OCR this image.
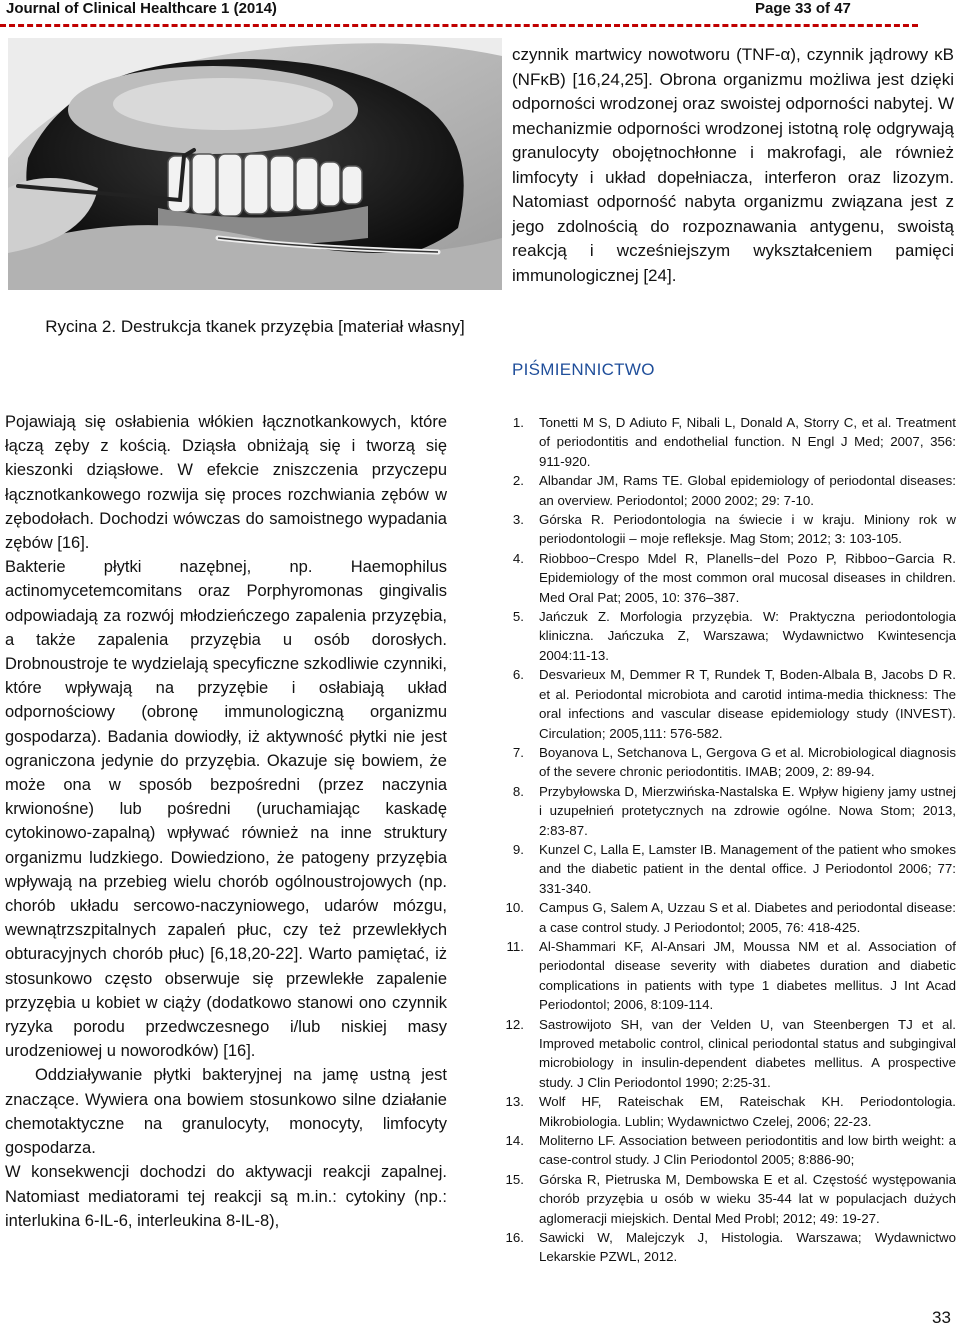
Journal of Clinical Healthcare 1 (2014)	Page 33 of 47
Rycina 2. Destrukcja tkanek przyzębia [materiał własny]

czynnik martwicy nowotworu (TNF-α), czynnik jądrowy κB (NFκB) [16,24,25]. Obrona organizmu możliwa jest dzięki odporności wrodzonej oraz swoistej odporności nabytej. W mechanizmie odporności wrodzonej istotną rolę odgrywają granulocyty obojętnochłonne i makrofagi, ale również limfocyty i układ dopełniacza, interferon oraz lizozym. Natomiast odporność nabyta organizmu związana jest z jego zdolnością do rozpoznawania antygenu, swoistą reakcją i wcześniejszym wykształceniem pamięci immunologicznej [24].

PIŚMIENNICTWO

Pojawiają się osłabienia włókien łącznotkankowych, które łączą zęby z kością. Dziąsła obniżają się i tworzą się kieszonki dziąsłowe. W efekcie zniszczenia przyczepu łącznotkankowego rozwija się proces rozchwiania zębów w zębodołach. Dochodzi wówczas do samoistnego wypadania zębów [16].

Bakterie płytki nazębnej, np. Haemophilus actinomycetemcomitans oraz Porphyromonas gingivalis odpowiadają za rozwój młodzieńczego zapalenia przyzębia, a także zapalenia przyzębia u osób dorosłych. Drobnoustroje te wydzielają specyficzne szkodliwie czynniki, które wpływają na przyzębie i osłabiają układ odpornościowy (obronę immunologiczną organizmu gospodarza). Badania dowiodły, iż aktywność płytki nie jest ograniczona jedynie do przyzębia. Okazuje się bowiem, że może ona w sposób bezpośredni (przez naczynia krwionośne) lub pośredni (uruchamiając kaskadę cytokinowo-zapalną) wpływać również na inne struktury organizmu ludzkiego. Dowiedziono, że patogeny przyzębia wpływają na przebieg wielu chorób ogólnoustrojowych (np. chorób układu sercowo-naczyniowego, udarów mózgu, wewnątrzszpitalnych zapaleń płuc, czy też przewlekłych obturacyjnych chorób płuc) [6,18,20-22]. Warto pamiętać, iż stosunkowo często obserwuje się przewlekłe zapalenie przyzębia u kobiet w ciąży (dodatkowo stanowi ono czynnik ryzyka porodu przedwczesnego i/lub niskiej masy urodzeniowej u noworodków) [16].

Oddziaływanie płytki bakteryjnej na jamę ustną jest znaczące. Wywiera ona bowiem stosunkowo silne działanie chemotaktyczne na granulocyty, monocyty, limfocyty gospodarza.

W konsekwencji dochodzi do aktywacji reakcji zapalnej. Natomiast mediatorami tej reakcji są m.in.: cytokiny (np.: interlukina 6-IL-6, interleukina 8-IL-8),

1. Tonetti M S, D Adiuto F, Nibali L, Donald A, Storry C, et al. Treatment of periodontitis and endothelial function. N Engl J Med; 2007, 356: 911-920.
2. Albandar JM, Rams TE. Global epidemiology of periodontal diseases: an overview. Periodontol; 2000 2002; 29: 7-10.
3. Górska R. Periodontologia na świecie i w kraju. Miniony rok w periodontologii – moje refleksje. Mag Stom; 2012; 3: 103-105.
4. Riobboo−Crespo Mdel R, Planells−del Pozo P, Ribboo−Garcia R. Epidemiology of the most common oral mucosal diseases in children. Med Oral Pat; 2005, 10: 376–387.
5. Jańczuk Z. Morfologia przyzębia. W: Praktyczna periodontologia kliniczna. Jańczuka Z, Warszawa; Wydawnictwo Kwintesencja 2004:11-13.
6. Desvarieux M, Demmer R T, Rundek T, Boden-Albala B, Jacobs D R. et al. Periodontal microbiota and carotid intima-media thickness: The oral infections and vascular disease epidemiology study (INVEST). Circulation; 2005,111: 576-582.
7. Boyanova L, Setchanova L, Gergova G et al. Microbiological diagnosis of the severe chronic periodontitis. IMAB; 2009, 2: 89-94.
8. Przybyłowska D, Mierzwińska-Nastalska E. Wpływ higieny jamy ustnej i uzupełnień protetycznych na zdrowie ogólne. Nowa Stom; 2013, 2:83-87.
9. Kunzel C, Lalla E, Lamster IB. Management of the patient who smokes and the diabetic patient in the dental office. J Periodontol 2006; 77: 331-340.
10. Campus G, Salem A, Uzzau S et al. Diabetes and periodontal disease: a case control study. J Periodontol; 2005, 76: 418-425.
11. Al-Shammari KF, Al-Ansari JM, Moussa NM et al. Association of periodontal disease severity with diabetes duration and diabetic complications in patients with type 1 diabetes mellitus. J Int Acad Periodontol; 2006, 8:109-114.
12. Sastrowijoto SH, van der Velden U, van Steenbergen TJ et al. Improved metabolic control, clinical periodontal status and subgingival microbiology in insulin-dependent diabetes mellitus. A prospective study. J Clin Periodontol 1990; 2:25-31.
13. Wolf HF, Rateischak EM, Rateischak KH. Periodontologia. Mikrobiologia. Lublin; Wydawnictwo Czelej, 2006; 22-23.
14. Moliterno LF. Association between periodontitis and low birth weight: a case-control study. J Clin Periodontol 2005; 8:886-90;
15. Górska R, Pietruska M, Dembowska E et al. Częstość występowania chorób przyzębia u osób w wieku 35-44 lat w populacjach dużych aglomeracji miejskich. Dental Med Probl; 2012; 49: 19-27.
16. Sawicki W, Malejczyk J, Histologia. Warszawa; Wydawnictwo Lekarskie PZWL, 2012.
33
